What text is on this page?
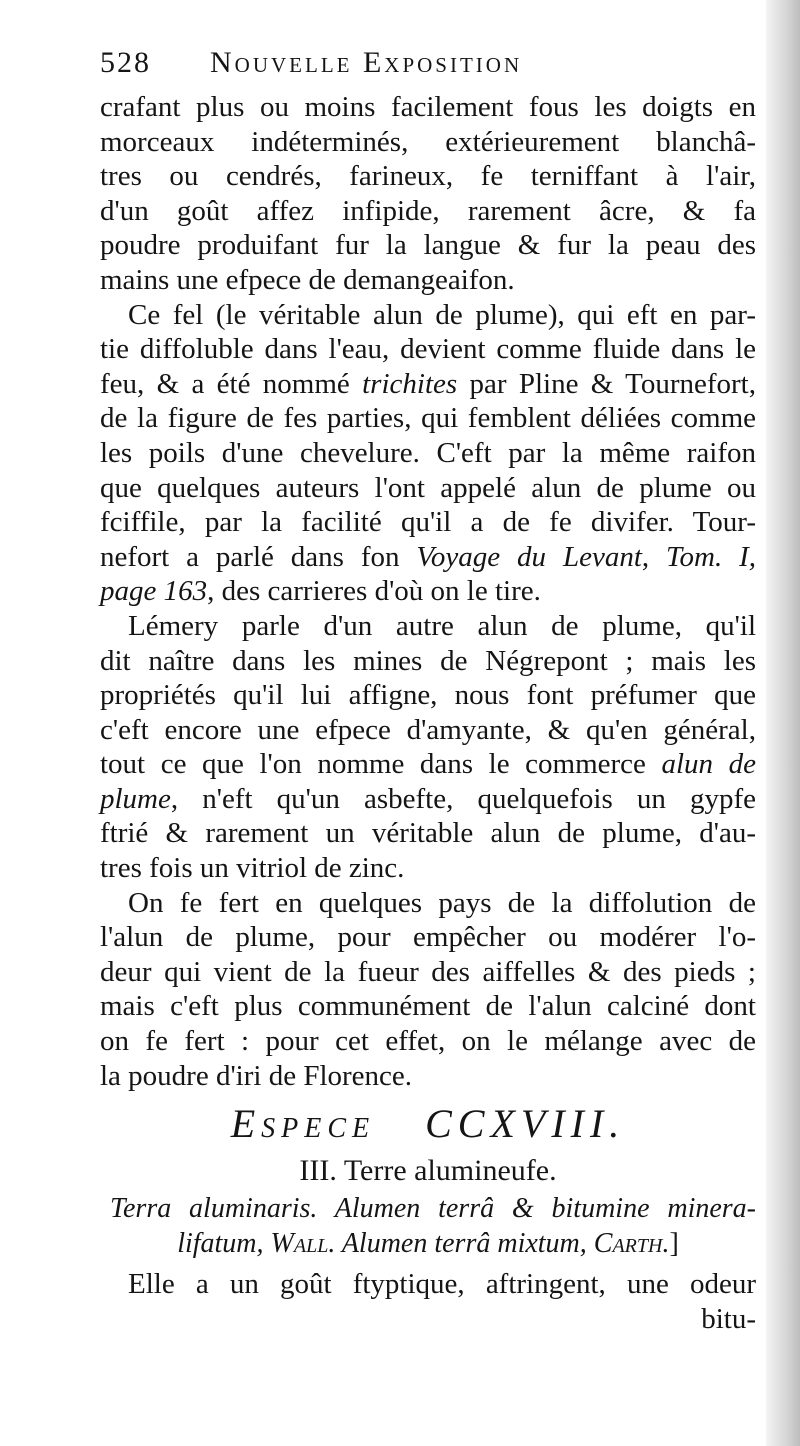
528	Nouvelle Exposition
crafant plus ou moins facilement fous les doigts en
morceaux indéterminés, extérieurement blanchâ-
tres ou cendrés, farineux, fe terniffant à l'air,
d'un goût affez infipide, rarement âcre, & fa
poudre produifant fur la langue & fur la peau des
mains une efpece de demangeaifon.
Ce fel (le véritable alun de plume), qui eft en par-
tie diffoluble dans l'eau, devient comme fluide dans le
feu, & a été nommé trichites par Pline & Tournefort,
de la figure de fes parties, qui femblent déliées comme
les poils d'une chevelure. C'eft par la même raifon
que quelques auteurs l'ont appelé alun de plume ou
fciffile, par la facilité qu'il a de fe divifer. Tour-
nefort a parlé dans fon Voyage du Levant, Tom. I,
page 163, des carrieres d'où on le tire.
Lémery parle d'un autre alun de plume, qu'il
dit naître dans les mines de Négrepont ; mais les
propriétés qu'il lui affigne, nous font préfumer que
c'eft encore une efpece d'amyante, & qu'en général,
tout ce que l'on nomme dans le commerce alun de
plume, n'eft qu'un asbefte, quelquefois un gypfe
ftrié & rarement un véritable alun de plume, d'au-
tres fois un vitriol de zinc.
On fe fert en quelques pays de la diffolution de
l'alun de plume, pour empêcher ou modérer l'o-
deur qui vient de la fueur des aiffelles & des pieds ;
mais c'eft plus communément de l'alun calciné dont
on fe fert : pour cet effet, on le mélange avec de
la poudre d'iri de Florence.
Espece CCXVIII.
III. Terre alumineufe.
Terra aluminaris. Alumen terrâ & bitumine minera-
lifatum, Wall. Alumen terrâ mixtum, Carth.]
Elle a un goût ftyptique, aftringent, une odeur
bitu-
